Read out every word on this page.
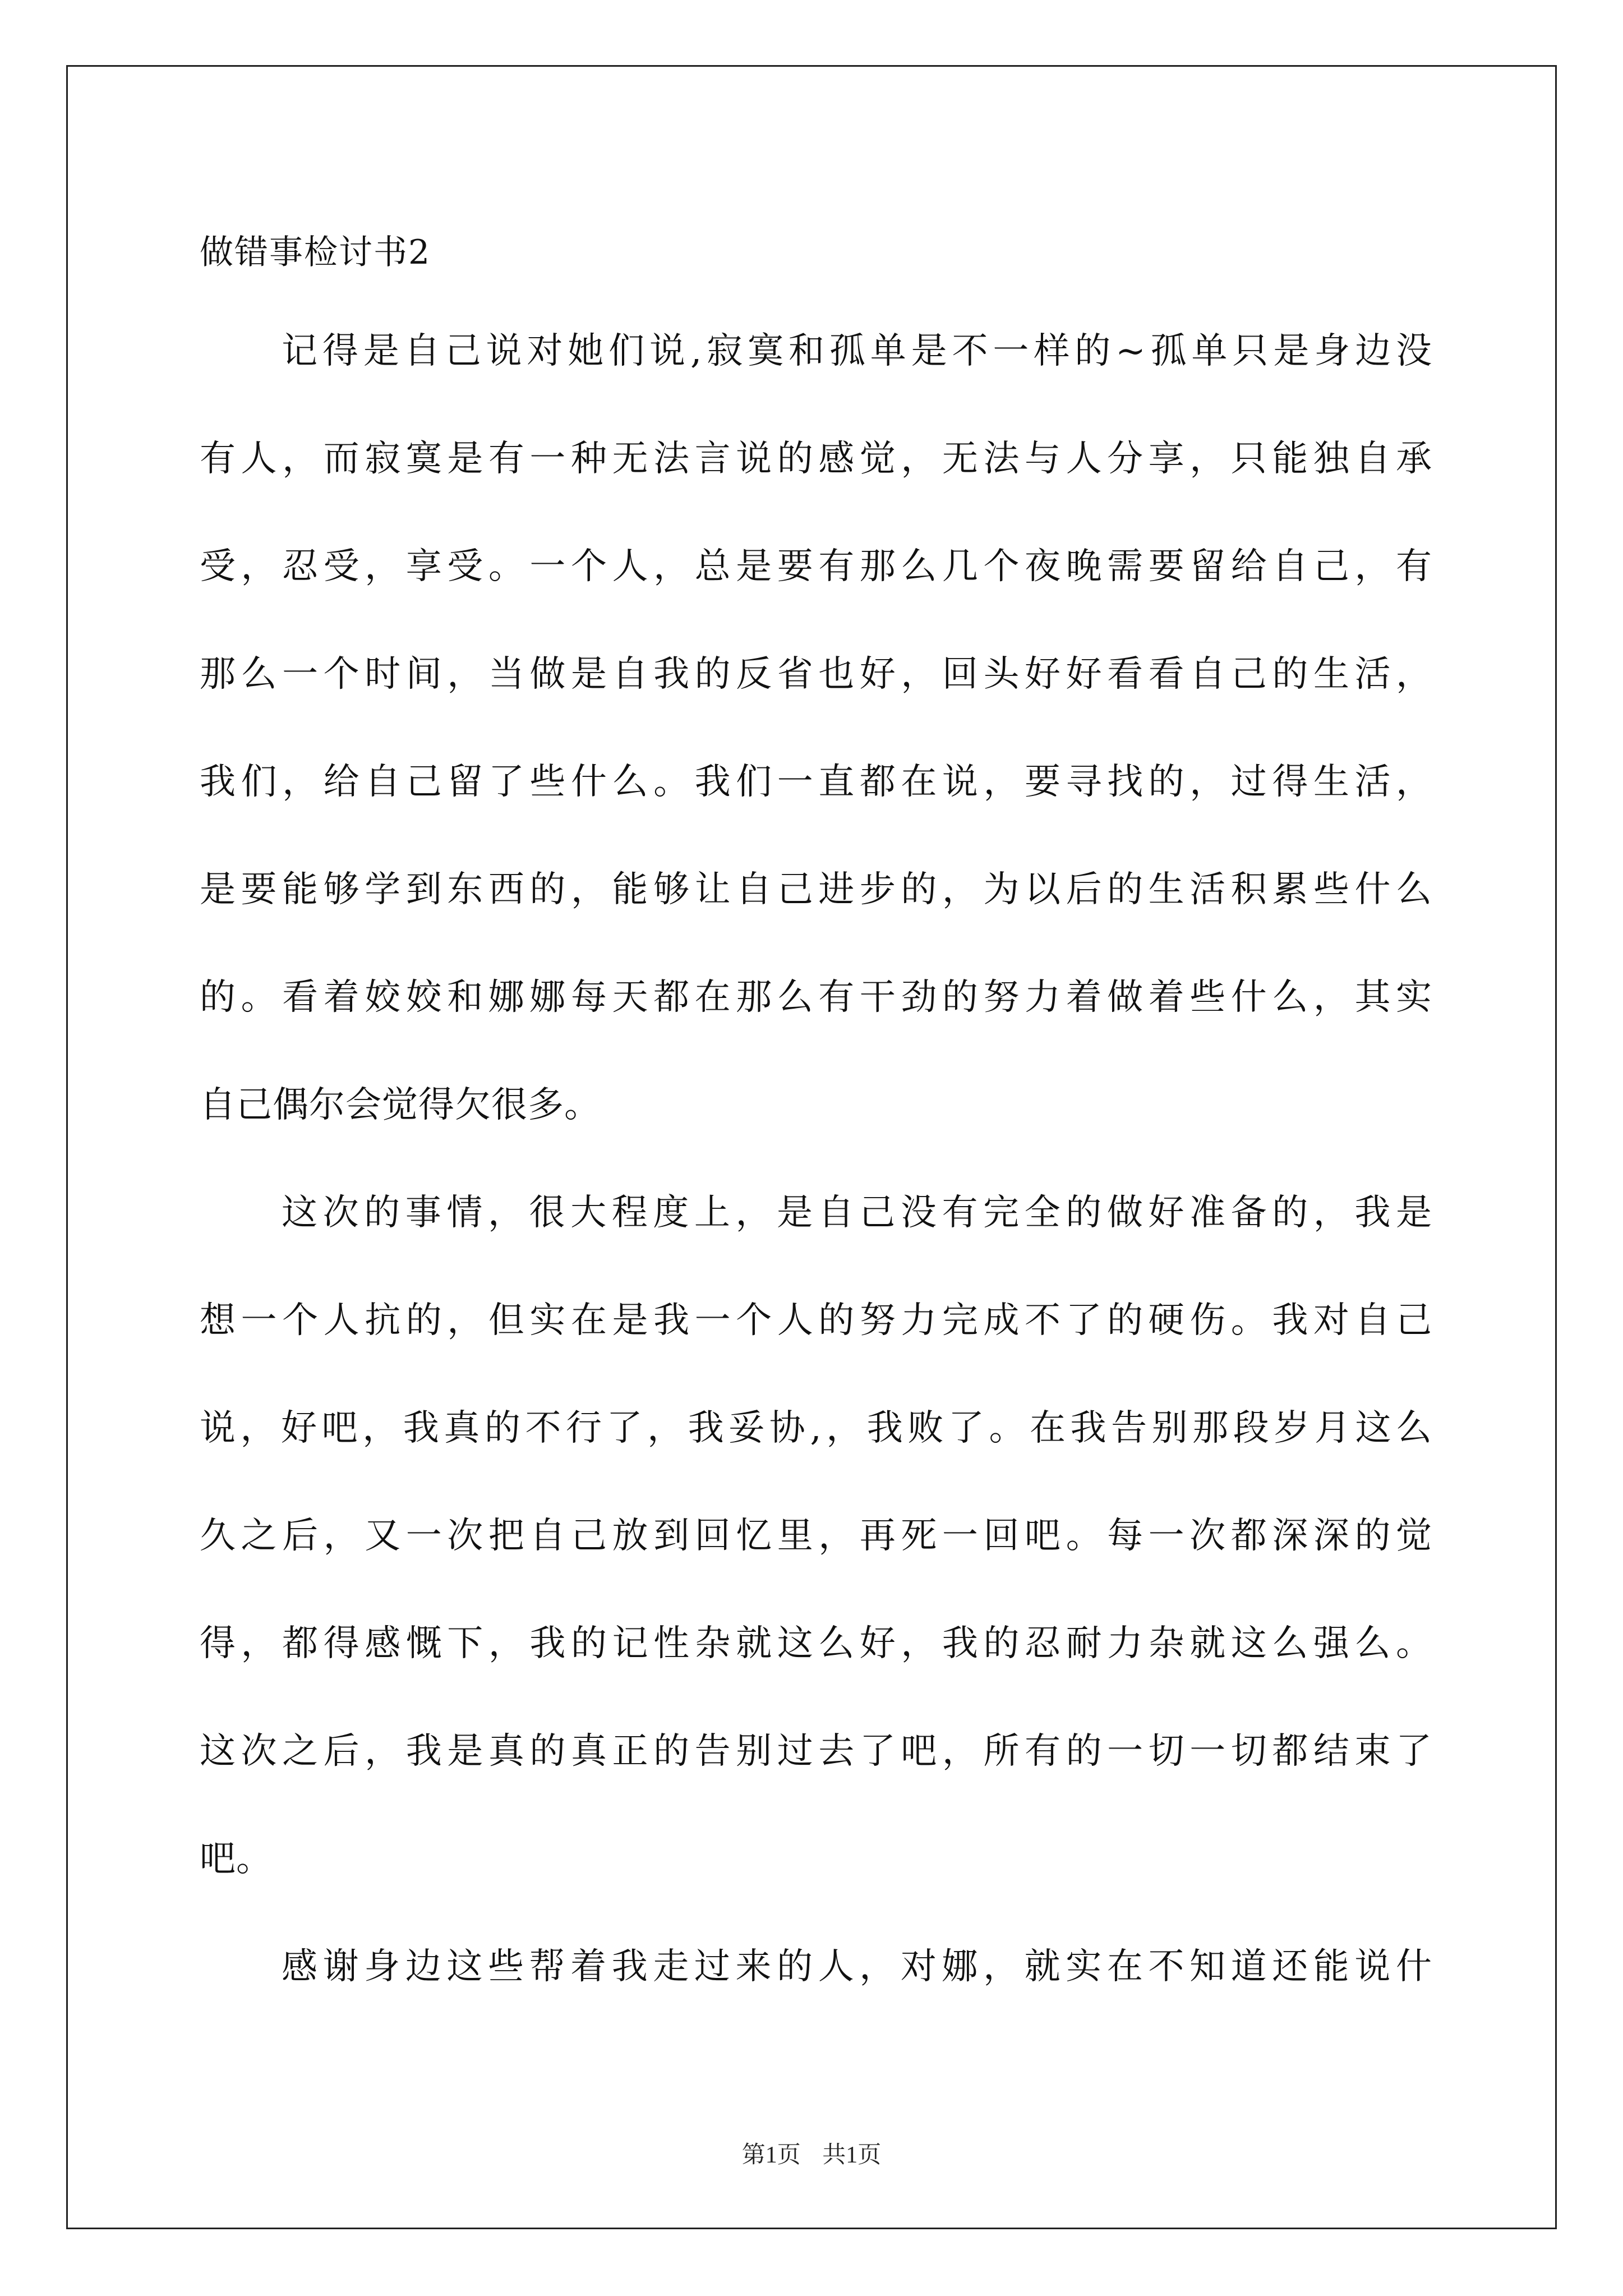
做错事检讨书2
记得是自己说对她们说,寂寞和孤单是不一样的~孤单只是身边没
有人，而寂寞是有一种无法言说的感觉，无法与人分享，只能独自承
受，忍受，享受。一个人，总是要有那么几个夜晚需要留给自己，有
那么一个时间，当做是自我的反省也好，回头好好看看自己的生活，
我们，给自己留了些什么。我们一直都在说，要寻找的，过得生活，
是要能够学到东西的，能够让自己进步的，为以后的生活积累些什么
的。看着姣姣和娜娜每天都在那么有干劲的努力着做着些什么，其实
自己偶尔会觉得欠很多。
这次的事情，很大程度上，是自己没有完全的做好准备的，我是
想一个人抗的，但实在是我一个人的努力完成不了的硬伤。我对自己
说，好吧，我真的不行了，我妥协,，我败了。在我告别那段岁月这么
久之后，又一次把自己放到回忆里，再死一回吧。每一次都深深的觉
得，都得感慨下，我的记性杂就这么好，我的忍耐力杂就这么强么。
这次之后，我是真的真正的告别过去了吧，所有的一切一切都结束了
吧。
感谢身边这些帮着我走过来的人，对娜，就实在不知道还能说什
第1页 共1页
